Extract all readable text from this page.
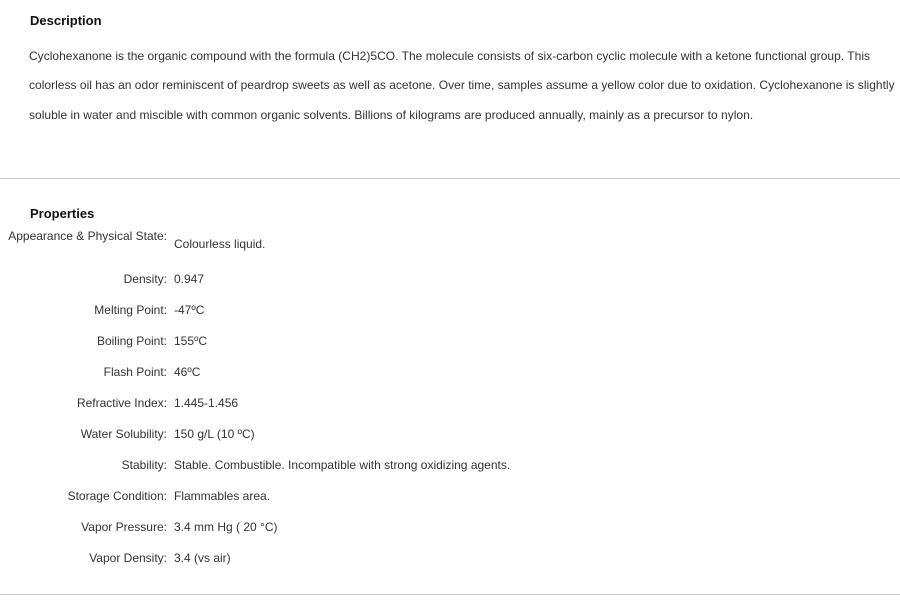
Description

Cyclohexanone is the organic compound with the formula (CH2)5CO. The molecule consists of six-carbon cyclic molecule with a ketone functional group. This colorless oil has an odor reminiscent of peardrop sweets as well as acetone. Over time, samples assume a yellow color due to oxidation. Cyclohexanone is slightly soluble in water and miscible with common organic solvents. Billions of kilograms are produced annually, mainly as a precursor to nylon.

Properties
Appearance & Physical State:
Colourless liquid.
Density: 0.947
Melting Point: -47ºC
Boiling Point: 155ºC
Flash Point: 46ºC
Refractive Index: 1.445-1.456
Water Solubility: 150 g/L (10 ºC)
Stability: Stable. Combustible. Incompatible with strong oxidizing agents.
Storage Condition: Flammables area.
Vapor Pressure: 3.4 mm Hg ( 20 °C)
Vapor Density: 3.4 (vs air)
